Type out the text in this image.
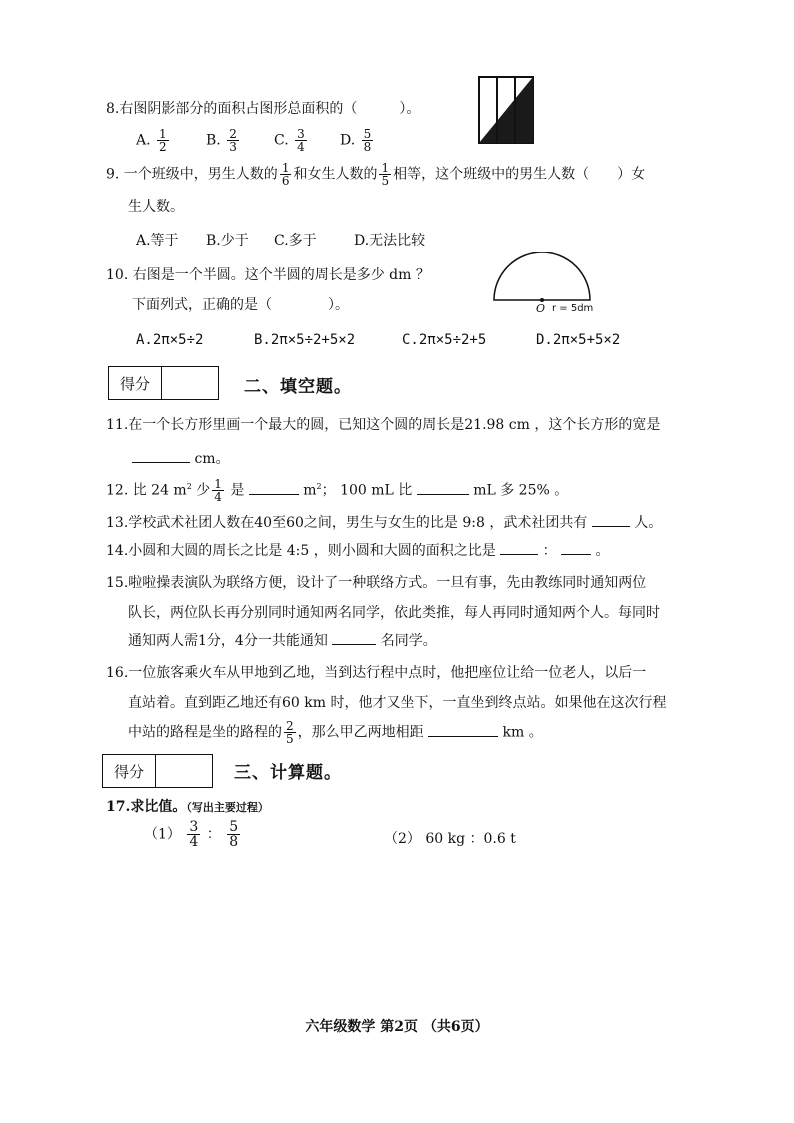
8.右图阴影部分的面积占图形总面积的（　　　）。
A. $\frac{1}{2}$	B. $\frac{2}{3}$	C. $\frac{3}{4} D$. $\frac{5}{8}$
9. 一个班级中，男生人数的 $\frac{1}{6}$ 和女生人数的 $\frac{1}{5}$ 相等，这个班级中的男生人数（　　）女
生人数。
A.等于 B.少于 C.多于	D.无法比较
10. 右图是一个半圆。这个半圆的周长是多少 dm ？
下面列式，正确的是（　　　　）。	O r = 5dm
A.2π×5÷2	B.2π×5÷2+5×2	C.2π×5÷2+5	D.2π×5+5×2
得分	二、填空题。
11.在一个长方形里画一个最大的圆，已知这个圆的周长是21.98 cm ，这个长方形的宽是
cm。
12. 比 24 $m^2$ 少 $\frac{1}{4}$ 是	$m^2$； 100 mL 比	mL 多 25% 。
13.学校武术社团人数在40至60之间，男生与女生的比是 9:8 ，武术社团共有	人。
14.小圆和大圆的周长之比是 4:5 ，则小圆和大圆的面积之比是	：	。
15.啦啦操表演队为联络方便，设计了一种联络方式。一旦有事，先由教练同时通知两位
队长，两位队长再分别同时通知两名同学，依此类推，每人再同时通知两个人。每同时
通知两人需1分，4分一共能通知	名同学。
16.一位旅客乘火车从甲地到乙地，当到达行程中点时，他把座位让给一位老人，以后一
直站着。直到距乙地还有60 km 时，他才又坐下，一直坐到终点站。如果他在这次行程
中站的路程是坐的路程的 $\frac{2}{5}$ ，那么甲乙两地相距	km 。
得分	三、计算题。
17.求比值。（写出主要过程）
$(1) \frac{3}{4}$ ： $\frac{5}{8}$	（2） 60 kg ：0.6 t
六年级数学 第2页 （共6页）
